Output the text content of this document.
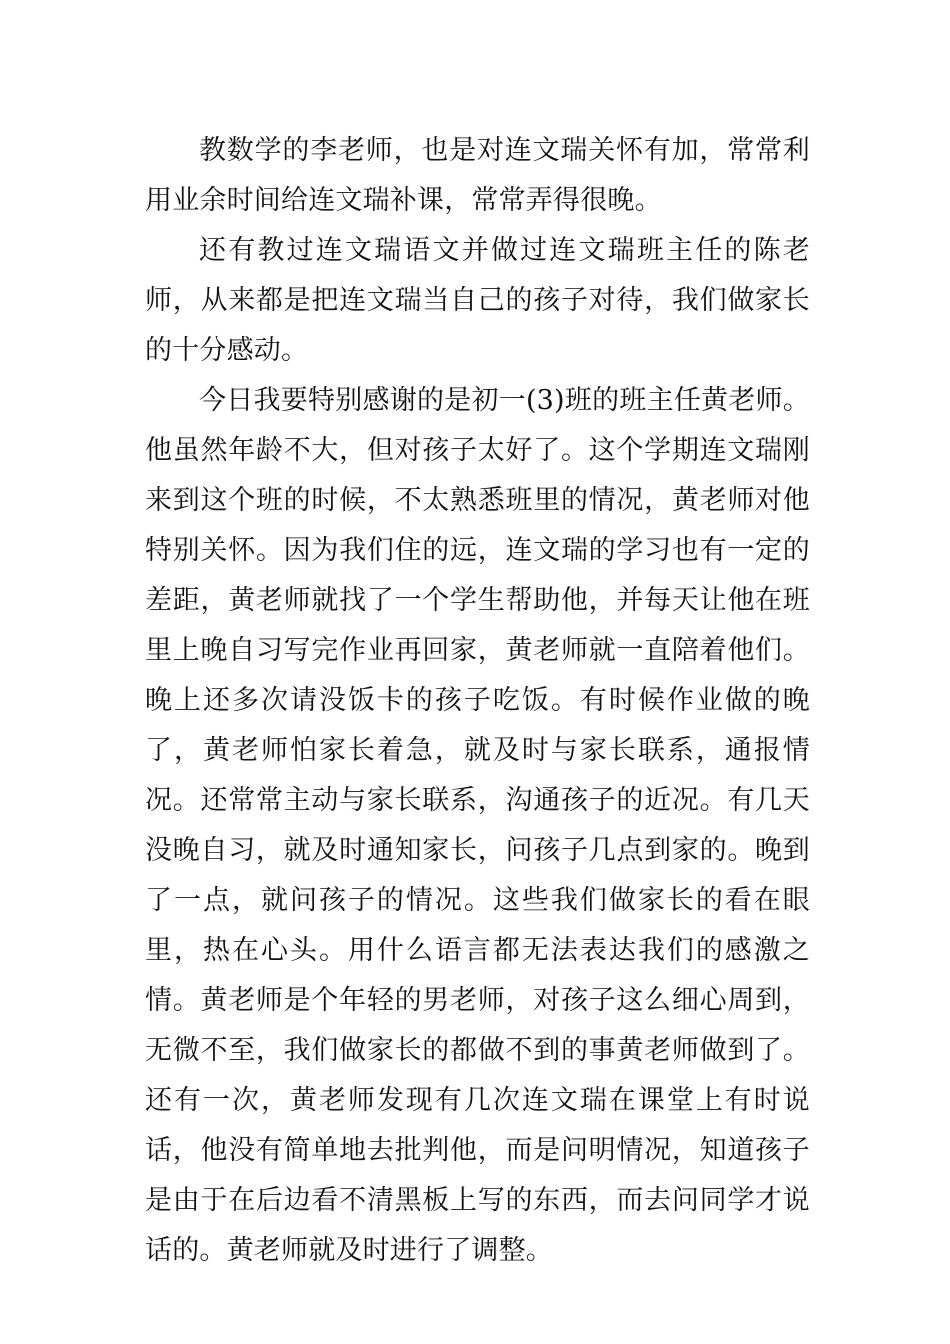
教数学的李老师，也是对连文瑞关怀有加，常常利用业余时间给连文瑞补课，常常弄得很晚。

还有教过连文瑞语文并做过连文瑞班主任的陈老师，从来都是把连文瑞当自己的孩子对待，我们做家长的十分感动。

今日我要特别感谢的是初一(3)班的班主任黄老师。他虽然年龄不大，但对孩子太好了。这个学期连文瑞刚来到这个班的时候，不太熟悉班里的情况，黄老师对他特别关怀。因为我们住的远，连文瑞的学习也有一定的差距，黄老师就找了一个学生帮助他，并每天让他在班里上晚自习写完作业再回家，黄老师就一直陪着他们。晚上还多次请没饭卡的孩子吃饭。有时候作业做的晚了，黄老师怕家长着急，就及时与家长联系，通报情况。还常常主动与家长联系，沟通孩子的近况。有几天没晚自习，就及时通知家长，问孩子几点到家的。晚到了一点，就问孩子的情况。这些我们做家长的看在眼里，热在心头。用什么语言都无法表达我们的感激之情。黄老师是个年轻的男老师，对孩子这么细心周到，无微不至，我们做家长的都做不到的事黄老师做到了。还有一次，黄老师发现有几次连文瑞在课堂上有时说话，他没有简单地去批判他，而是问明情况，知道孩子是由于在后边看不清黑板上写的东西，而去问同学才说话的。黄老师就及时进行了调整。
